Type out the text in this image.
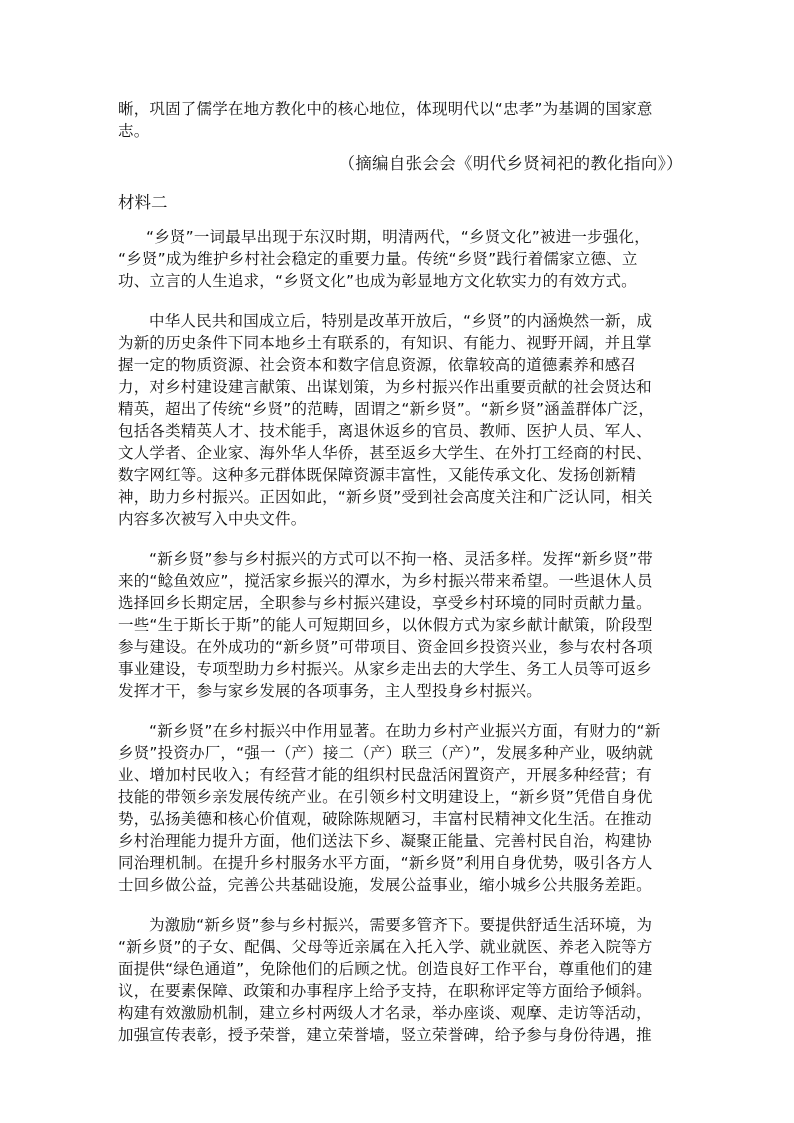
晰，巩固了儒学在地方教化中的核心地位，体现明代以“忠孝”为基调的国家意
志。
（摘编自张会会《明代乡贤祠祀的教化指向》）
材料二
“乡贤”一词最早出现于东汉时期，明清两代，“乡贤文化”被进一步强化，
“乡贤”成为维护乡村社会稳定的重要力量。传统“乡贤”践行着儒家立德、立
功、立言的人生追求，“乡贤文化”也成为彰显地方文化软实力的有效方式。
中华人民共和国成立后，特别是改革开放后，“乡贤”的内涵焕然一新，成
为新的历史条件下同本地乡土有联系的，有知识、有能力、视野开阔，并且掌
握一定的物质资源、社会资本和数字信息资源，依靠较高的道德素养和感召
力，对乡村建设建言献策、出谋划策，为乡村振兴作出重要贡献的社会贤达和
精英，超出了传统“乡贤”的范畴，固谓之“新乡贤”。“新乡贤”涵盖群体广泛，
包括各类精英人才、技术能手，离退休返乡的官员、教师、医护人员、军人、
文人学者、企业家、海外华人华侨，甚至返乡大学生、在外打工经商的村民、
数字网红等。这种多元群体既保障资源丰富性，又能传承文化、发扬创新精
神，助力乡村振兴。正因如此，“新乡贤”受到社会高度关注和广泛认同，相关
内容多次被写入中央文件。
“新乡贤”参与乡村振兴的方式可以不拘一格、灵活多样。发挥“新乡贤”带
来的“鲶鱼效应”，搅活家乡振兴的潭水，为乡村振兴带来希望。一些退休人员
选择回乡长期定居，全职参与乡村振兴建设，享受乡村环境的同时贡献力量。
一些“生于斯长于斯”的能人可短期回乡，以休假方式为家乡献计献策，阶段型
参与建设。在外成功的“新乡贤”可带项目、资金回乡投资兴业，参与农村各项
事业建设，专项型助力乡村振兴。从家乡走出去的大学生、务工人员等可返乡
发挥才干，参与家乡发展的各项事务，主人型投身乡村振兴。
“新乡贤”在乡村振兴中作用显著。在助力乡村产业振兴方面，有财力的“新
乡贤”投资办厂，“强一（产）接二（产）联三（产）”，发展多种产业，吸纳就
业、增加村民收入；有经营才能的组织村民盘活闲置资产，开展多种经营；有
技能的带领乡亲发展传统产业。在引领乡村文明建设上，“新乡贤”凭借自身优
势，弘扬美德和核心价值观，破除陈规陋习，丰富村民精神文化生活。在推动
乡村治理能力提升方面，他们送法下乡、凝聚正能量、完善村民自治，构建协
同治理机制。在提升乡村服务水平方面，“新乡贤”利用自身优势，吸引各方人
士回乡做公益，完善公共基础设施，发展公益事业，缩小城乡公共服务差距。
为激励“新乡贤”参与乡村振兴，需要多管齐下。要提供舒适生活环境，为
“新乡贤”的子女、配偶、父母等近亲属在入托入学、就业就医、养老入院等方
面提供“绿色通道”，免除他们的后顾之忧。创造良好工作平台，尊重他们的建
议，在要素保障、政策和办事程序上给予支持，在职称评定等方面给予倾斜。
构建有效激励机制，建立乡村两级人才名录，举办座谈、观摩、走访等活动，
加强宣传表彰，授予荣誉，建立荣誉墙，竖立荣誉碑，给予参与身份待遇，推
